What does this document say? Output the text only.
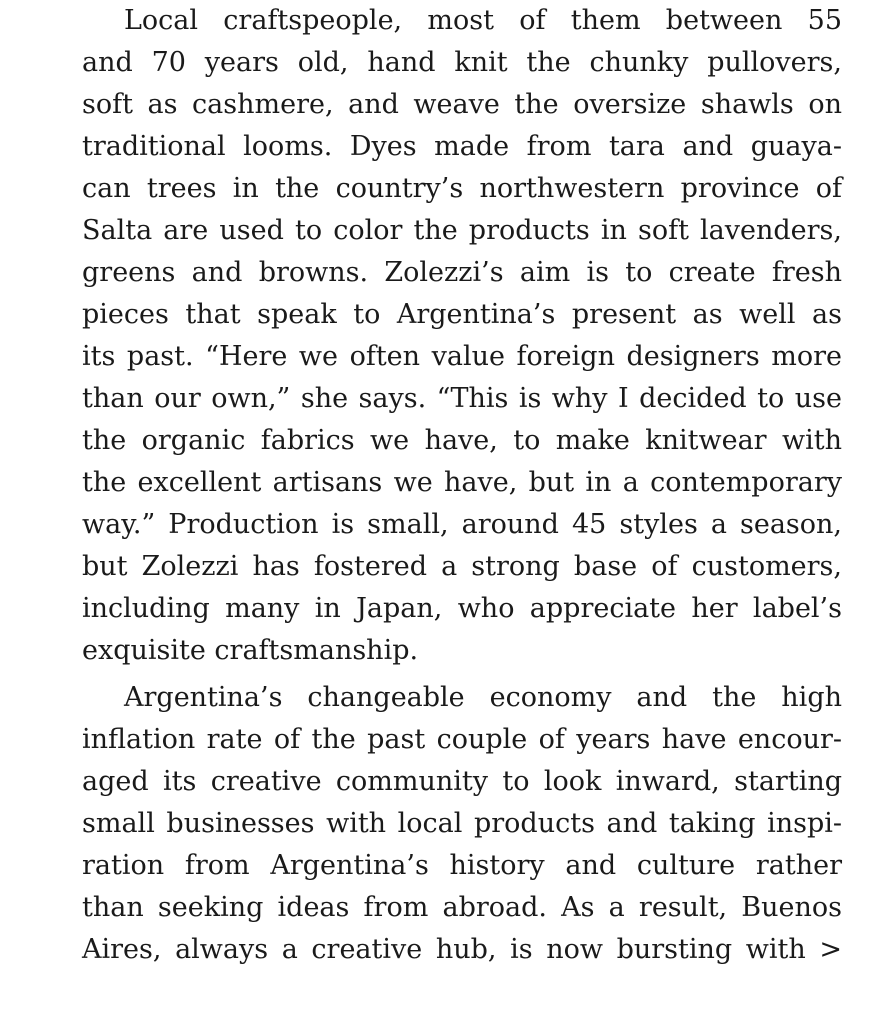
Local craftspeople, most of them between 55
and 70 years old, hand knit the chunky pullovers,
soft as cashmere, and weave the oversize shawls on
traditional looms. Dyes made from tara and guaya-
can trees in the country’s northwestern province of
Salta are used to color the products in soft lavenders,
greens and browns. Zolezzi’s aim is to create fresh
pieces that speak to Argentina’s present as well as
its past. “Here we often value foreign designers more
than our own,” she says. “This is why I decided to use
the organic fabrics we have, to make knitwear with
the excellent artisans we have, but in a contemporary
way.” Production is small, around 45 styles a season,
but Zolezzi has fostered a strong base of customers,
including many in Japan, who appreciate her label’s
exquisite craftsmanship.
Argentina’s changeable economy and the high
inflation rate of the past couple of years have encour-
aged its creative community to look inward, starting
small businesses with local products and taking inspi-
ration from Argentina’s history and culture rather
than seeking ideas from abroad. As a result, Buenos
Aires, always a creative hub, is now bursting with >
